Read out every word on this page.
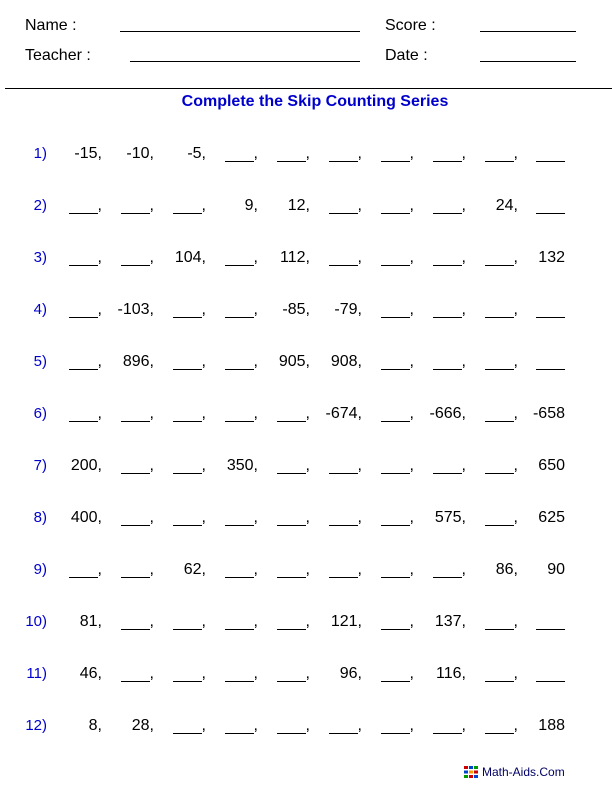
Name :	Score :
Teacher :	Date :
Complete the Skip Counting Series
1)	-15,	-10,	-5,	,	,	,	,	,	,
2)	,	,	,	9,	12,	,	,	,	24,
3)	,	,	104,	,	112,	,	,	,	,	132
4)	, -103,	,	,	-85,	-79,	,	,	,
5)	,	896,	,	,	905,	908,	,	,	,
6)	,	,	,	,	, -674,	, -666,	, -658
7)	200,	,	,	350,	,	,	,	,	,	650
8)	400,	,	,	,	,	,	,	575,	,	625
9)	,	,	62,	,	,	,	,	,	86,	90
10)	81,	,	,	,	,	121,	,	137,	,
11)	46,	,	,	,	,	96,	,	116,	,
12)	8,	28,	,	,	,	,	,	,	,	188
Math-Aids.Com
